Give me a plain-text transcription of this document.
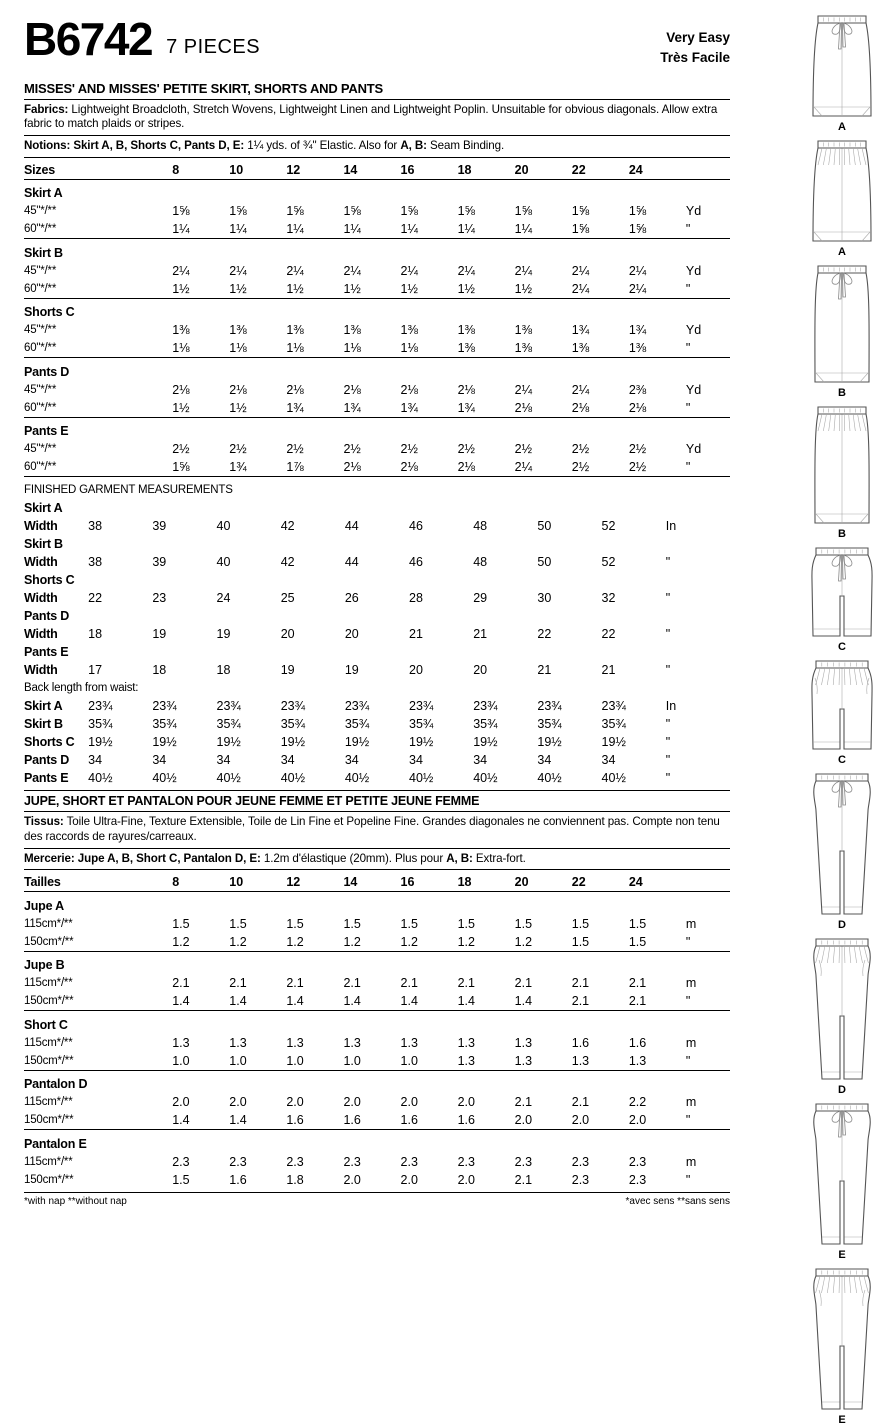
B6742 7 PIECES	Very Easy
Très Facile
MISSES' AND MISSES' PETITE SKIRT, SHORTS AND PANTS
Fabrics: Lightweight Broadcloth, Stretch Wovens, Lightweight Linen and Lightweight Poplin. Unsuitable for obvious diagonals. Allow extra fabric to match plaids or stripes.
Notions: Skirt A, B, Shorts C, Pants D, E: 1¼ yds. of ¾" Elastic. Also for A, B: Seam Binding.
Sizes	8	10	12	14	16	18	20	22	24	

Skirt A										
45"*/**	1⅝	1⅝	1⅝	1⅝	1⅝	1⅝	1⅝	1⅝	1⅝	Yd
60"*/**	1¼	1¼	1¼	1¼	1¼	1¼	1¼	1⅝	1⅝	"

Skirt B										
45"*/**	2¼	2¼	2¼	2¼	2¼	2¼	2¼	2¼	2¼	Yd
60"*/**	1½	1½	1½	1½	1½	1½	1½	2¼	2¼	"

Shorts C										
45"*/**	1⅜	1⅜	1⅜	1⅜	1⅜	1⅜	1⅜	1¾	1¾	Yd
60"*/**	1⅛	1⅛	1⅛	1⅛	1⅛	1⅜	1⅜	1⅜	1⅜	"

Pants D										
45"*/**	2⅛	2⅛	2⅛	2⅛	2⅛	2⅛	2¼	2¼	2⅜	Yd
60"*/**	1½	1½	1¾	1¾	1¾	1¾	2⅛	2⅛	2⅛	"

Pants E										
45"*/**	2½	2½	2½	2½	2½	2½	2½	2½	2½	Yd
60"*/**	1⅝	1¾	1⅞	2⅛	2⅛	2⅛	2¼	2½	2½	"

FINISHED GARMENT MEASUREMENTS										
Skirt A Width	38	39	40	42	44	46	48	50	52	In
Skirt B Width	38	39	40	42	44	46	48	50	52	"
Shorts C Width	22	23	24	25	26	28	29	30	32	"
Pants D Width	18	19	19	20	20	21	21	22	22	"
Pants E Width	17	18	18	19	19	20	20	21	21	"
Back length from waist:										
Skirt A	23¾	23¾	23¾	23¾	23¾	23¾	23¾	23¾	23¾	In
Skirt B	35¾	35¾	35¾	35¾	35¾	35¾	35¾	35¾	35¾	"
Shorts C	19½	19½	19½	19½	19½	19½	19½	19½	19½	"
Pants D	34	34	34	34	34	34	34	34	34	"
Pants E	40½	40½	40½	40½	40½	40½	40½	40½	40½	"
JUPE, SHORT ET PANTALON POUR JEUNE FEMME ET PETITE JEUNE FEMME
Tissus: Toile Ultra-Fine, Texture Extensible, Toile de Lin Fine et Popeline Fine. Grandes diagonales ne conviennent pas. Compte non tenu des raccords de rayures/carreaux.
Mercerie: Jupe A, B, Short C, Pantalon D, E: 1.2m d'élastique (20mm). Plus pour A, B: Extra-fort.
Tailles	8	10	12	14	16	18	20	22	24	

Jupe A										
115cm*/**	1.5	1.5	1.5	1.5	1.5	1.5	1.5	1.5	1.5	m
150cm*/**	1.2	1.2	1.2	1.2	1.2	1.2	1.2	1.5	1.5	"

Jupe B										
115cm*/**	2.1	2.1	2.1	2.1	2.1	2.1	2.1	2.1	2.1	m
150cm*/**	1.4	1.4	1.4	1.4	1.4	1.4	1.4	2.1	2.1	"

Short C										
115cm*/**	1.3	1.3	1.3	1.3	1.3	1.3	1.3	1.6	1.6	m
150cm*/**	1.0	1.0	1.0	1.0	1.0	1.3	1.3	1.3	1.3	"

Pantalon D										
115cm*/**	2.0	2.0	2.0	2.0	2.0	2.0	2.1	2.1	2.2	m
150cm*/**	1.4	1.4	1.6	1.6	1.6	1.6	2.0	2.0	2.0	"

Pantalon E										
115cm*/**	2.3	2.3	2.3	2.3	2.3	2.3	2.3	2.3	2.3	m
150cm*/**	1.5	1.6	1.8	2.0	2.0	2.0	2.1	2.3	2.3	"
*with nap **without nap	*avec sens **sans sens
A
A
B
B
C
C
D
D
E
E
